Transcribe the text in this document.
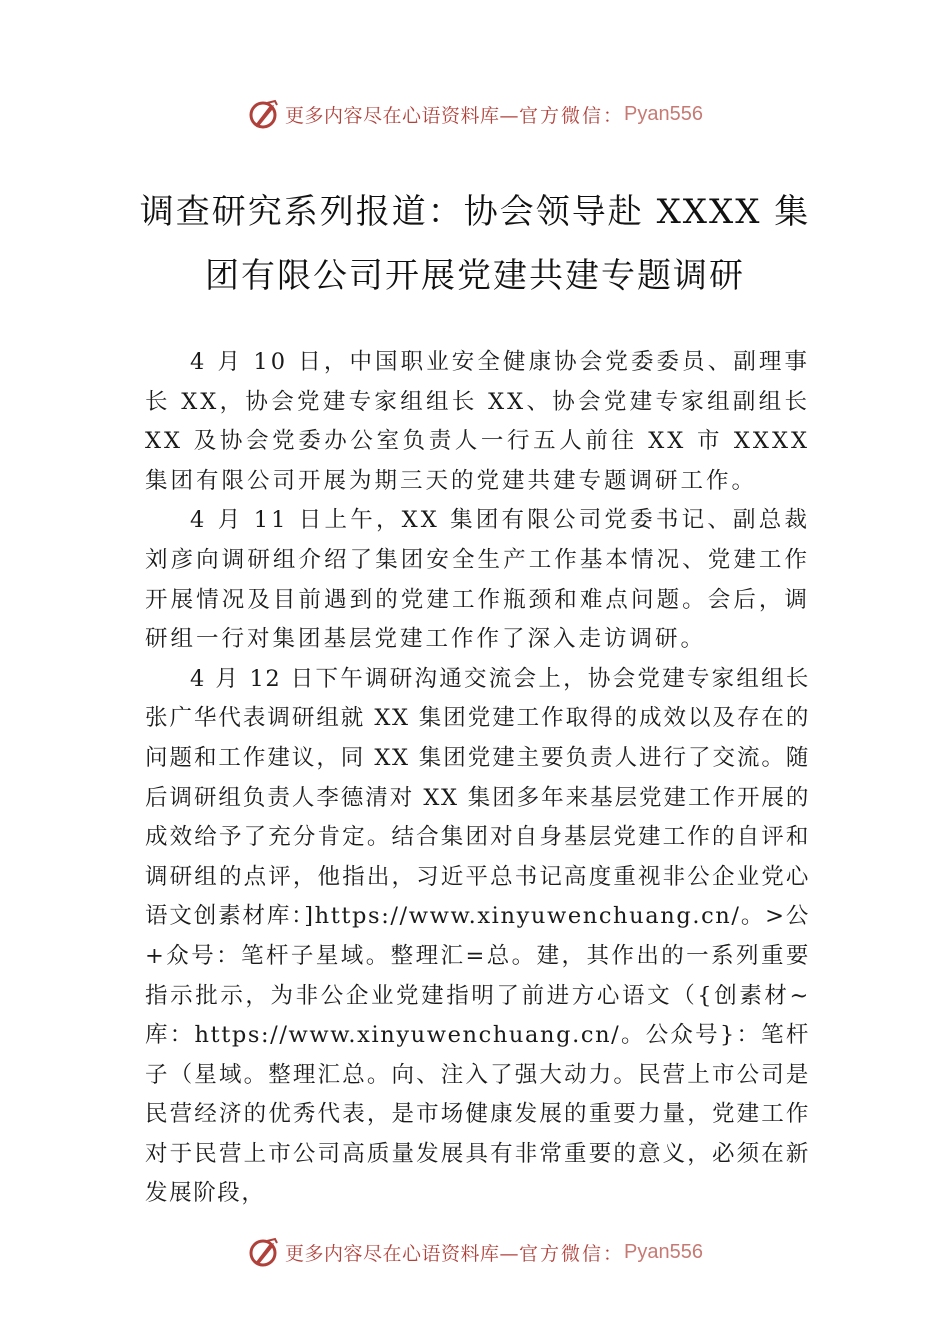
更多内容尽在心语资料库— 官方微信： Pyan556
调查研究系列报道：协会领导赴 XXXX 集
团有限公司开展党建共建专题调研

4 月 10 日，中国职业安全健康协会党委委员、副理事长 XX，协会党建专家组组长 XX、协会党建专家组副组长 XX 及协会党委办公室负责人一行五人前往 XX 市 XXXX 集团有限公司开展为期三天的党建共建专题调研工作。

4 月 11 日上午，XX 集团有限公司党委书记、副总裁刘彦向调研组介绍了集团安全生产工作基本情况、党建工作开展情况及目前遇到的党建工作瓶颈和难点问题。会后，调研组一行对集团基层党建工作作了深入走访调研。

4 月 12 日下午调研沟通交流会上，协会党建专家组组长张广华代表调研组就 XX 集团党建工作取得的成效以及存在的问题和工作建议，同 XX 集团党建主要负责人进行了交流。随后调研组负责人李德清对 XX 集团多年来基层党建工作开展的成效给予了充分肯定。结合集团对自身基层党建工作的自评和调研组的点评，他指出，习近平总书记高度重视非公企业党心语文创素材库：]https://www.xinyuwenchuang.cn/。>公+众号：笔杆子星域。整理汇=总。建，其作出的一系列重要指示批示，为非公企业党建指明了前进方心语文（{创素材~库：https://www.xinyuwenchuang.cn/。公众号}：笔杆子（星域。整理汇总。向、注入了强大动力。民营上市公司是民营经济的优秀代表，是市场健康发展的重要力量，党建工作对于民营上市公司高质量发展具有非常重要的意义，必须在新发展阶段，

更多内容尽在心语资料库— 官方微信： Pyan556
